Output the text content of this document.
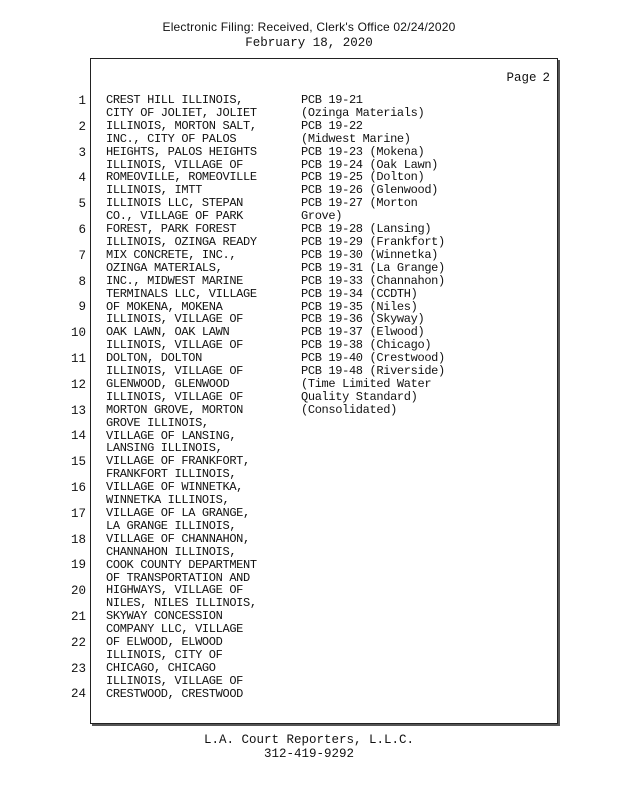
Electronic Filing: Received, Clerk's Office 02/24/2020
February 18, 2020
Page 2
1
2
3
4
5
6
7
8
9
10
11
12
13
14
15
16
17
18
19
20
21
22
23
24
CREST HILL ILLINOIS,
CITY OF JOLIET, JOLIET
ILLINOIS, MORTON SALT,
INC., CITY OF PALOS
HEIGHTS, PALOS HEIGHTS
ILLINOIS, VILLAGE OF
ROMEOVILLE, ROMEOVILLE
ILLINOIS, IMTT
ILLINOIS LLC, STEPAN
CO., VILLAGE OF PARK
FOREST, PARK FOREST
ILLINOIS, OZINGA READY
MIX CONCRETE, INC.,
OZINGA MATERIALS,
INC., MIDWEST MARINE
TERMINALS LLC, VILLAGE
OF MOKENA, MOKENA
ILLINOIS, VILLAGE OF
OAK LAWN, OAK LAWN
ILLINOIS, VILLAGE OF
DOLTON, DOLTON
ILLINOIS, VILLAGE OF
GLENWOOD, GLENWOOD
ILLINOIS, VILLAGE OF
MORTON GROVE, MORTON
GROVE ILLINOIS,
VILLAGE OF LANSING,
LANSING ILLINOIS,
VILLAGE OF FRANKFORT,
FRANKFORT ILLINOIS,
VILLAGE OF WINNETKA,
WINNETKA ILLINOIS,
VILLAGE OF LA GRANGE,
LA GRANGE ILLINOIS,
VILLAGE OF CHANNAHON,
CHANNAHON ILLINOIS,
COOK COUNTY DEPARTMENT
OF TRANSPORTATION AND
HIGHWAYS, VILLAGE OF
NILES, NILES ILLINOIS,
SKYWAY CONCESSION
COMPANY LLC, VILLAGE
OF ELWOOD, ELWOOD
ILLINOIS, CITY OF
CHICAGO, CHICAGO
ILLINOIS, VILLAGE OF
CRESTWOOD, CRESTWOOD
PCB 19-21
(Ozinga Materials)
PCB 19-22
(Midwest Marine)
PCB 19-23 (Mokena)
PCB 19-24 (Oak Lawn)
PCB 19-25 (Dolton)
PCB 19-26 (Glenwood)
PCB 19-27 (Morton
Grove)
PCB 19-28 (Lansing)
PCB 19-29 (Frankfort)
PCB 19-30 (Winnetka)
PCB 19-31 (La Grange)
PCB 19-33 (Channahon)
PCB 19-34 (CCDTH)
PCB 19-35 (Niles)
PCB 19-36 (Skyway)
PCB 19-37 (Elwood)
PCB 19-38 (Chicago)
PCB 19-40 (Crestwood)
PCB 19-48 (Riverside)
(Time Limited Water
Quality Standard)
(Consolidated)
L.A. Court Reporters, L.L.C.
312-419-9292
